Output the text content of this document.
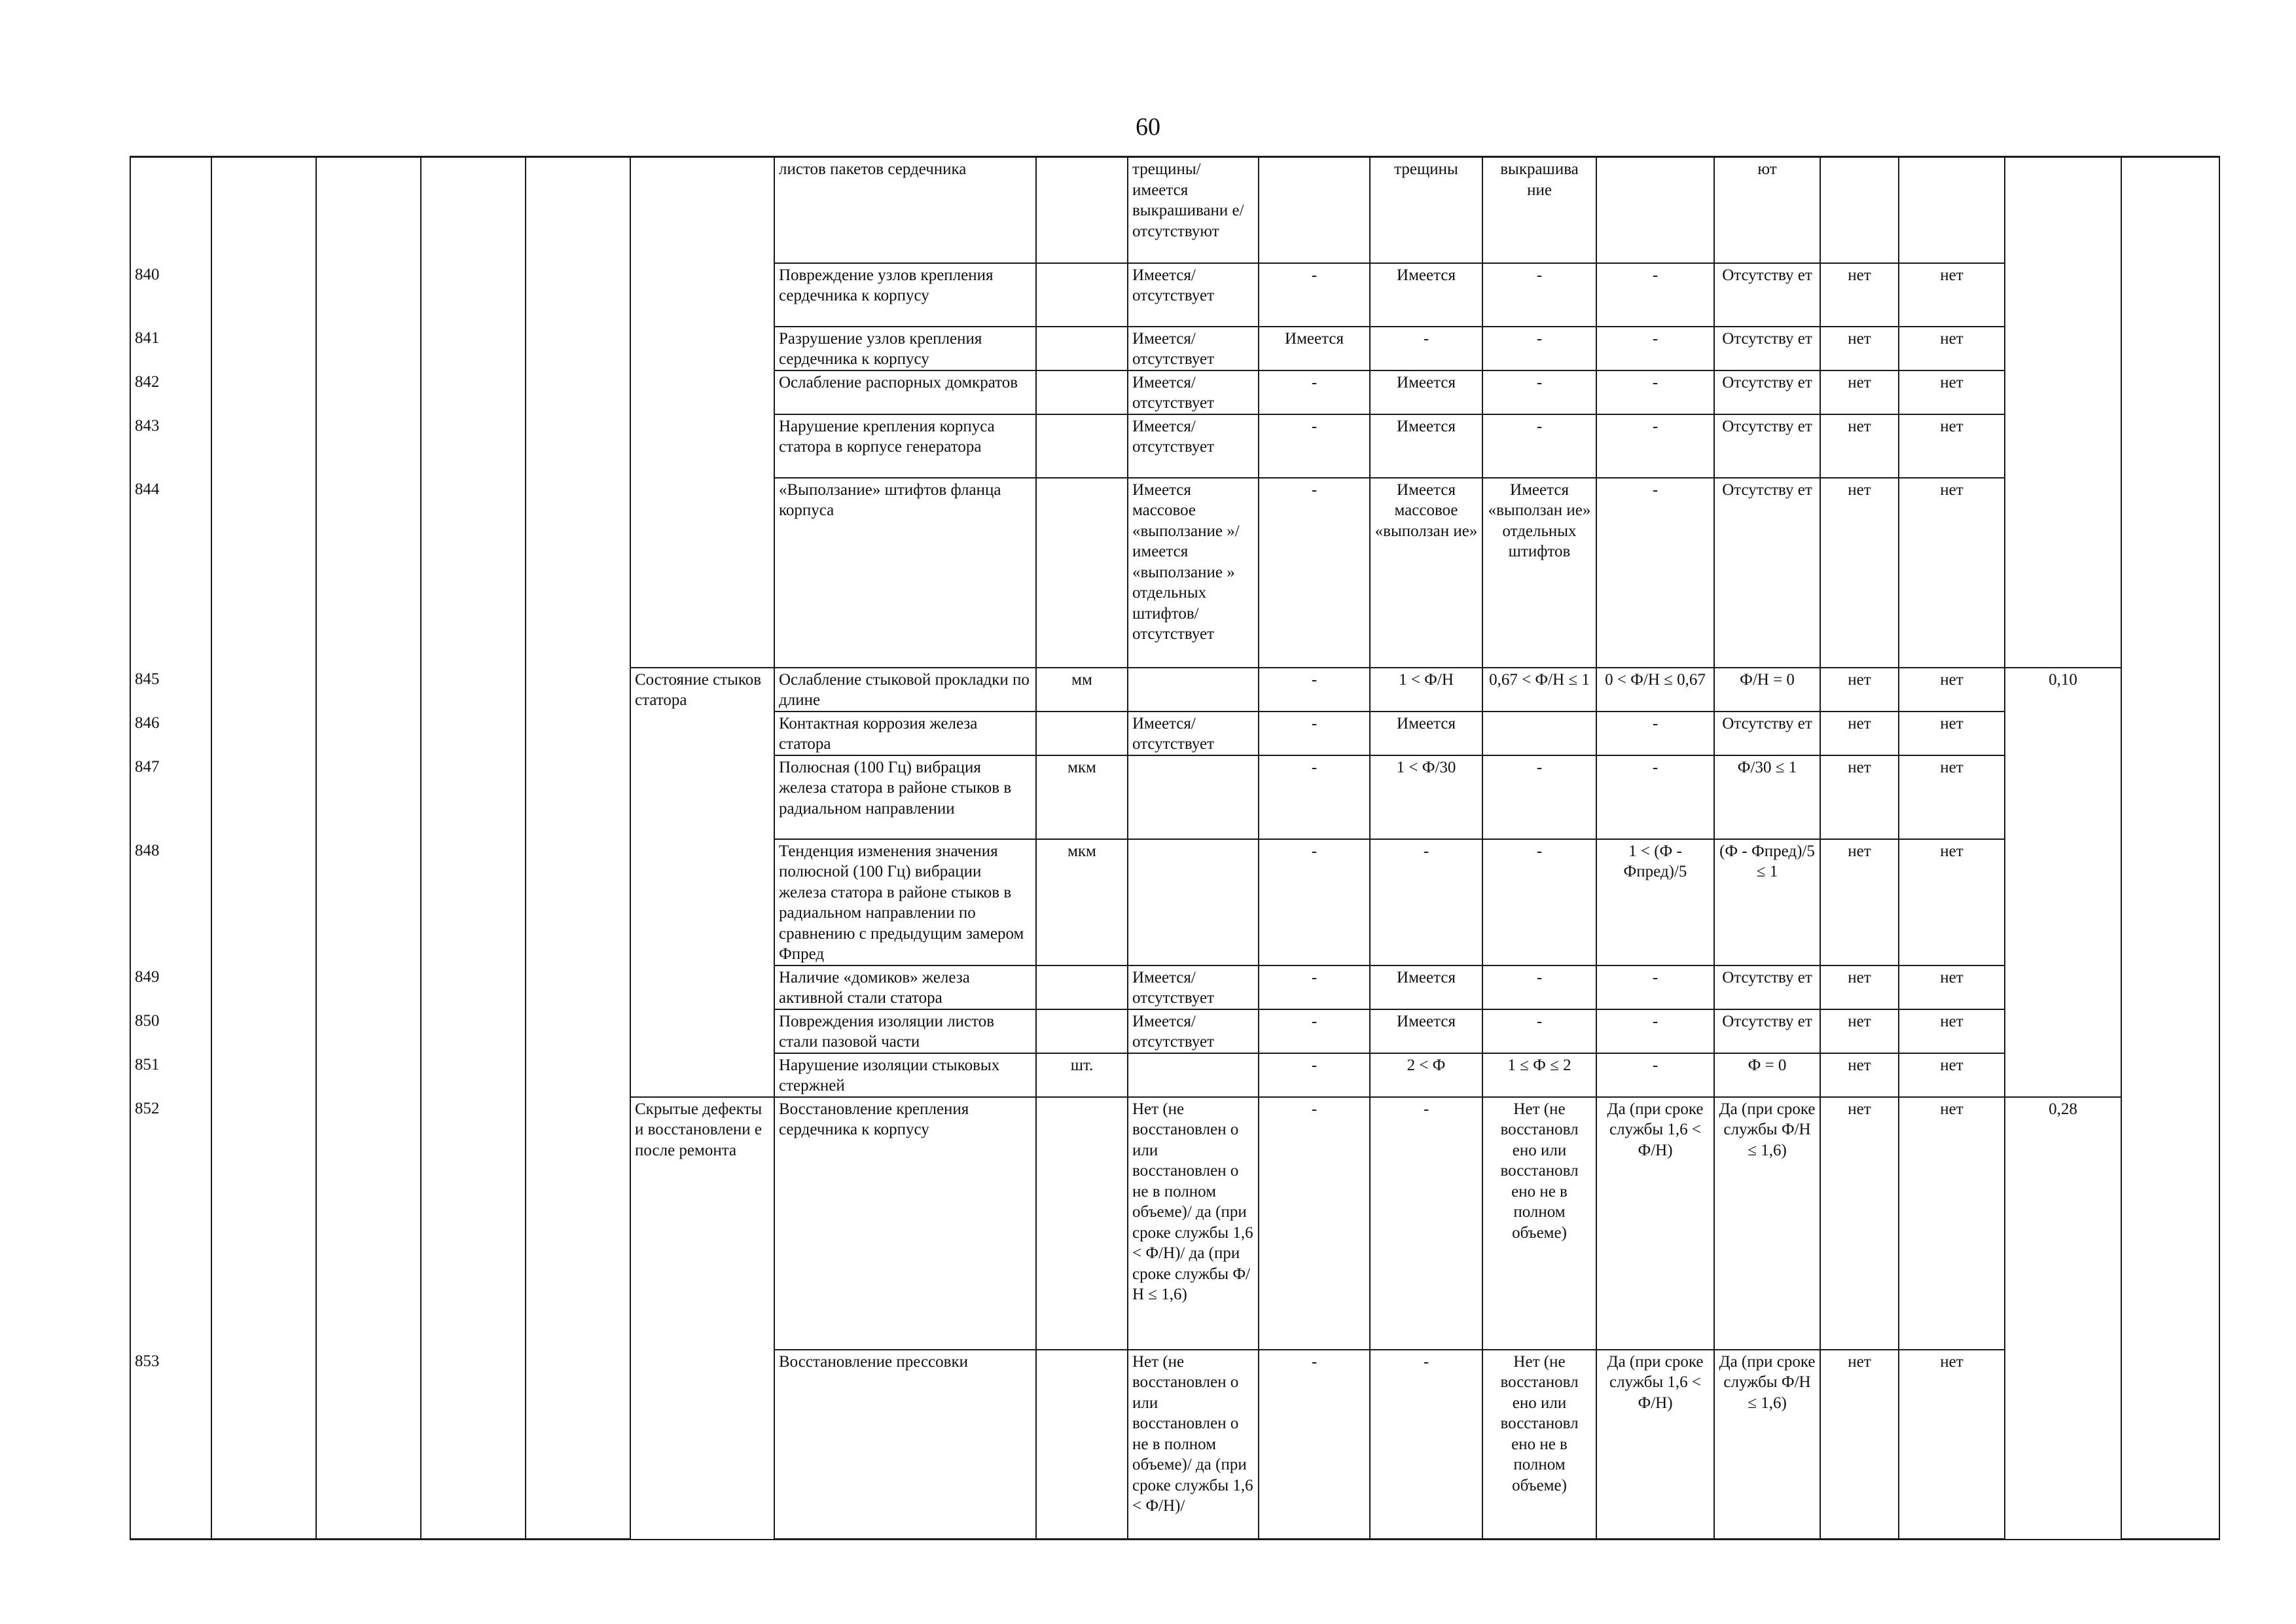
60
						листов пакетов сердечника		трещины/ имеется выкрашивани е/ отсутствуют		трещины	выкрашива ние		ют				
840						Повреждение узлов крепления сердечника к корпусу		Имеется/ отсутствует	-	Имеется	-	-	Отсутству ет	нет	нет		
841						Разрушение узлов крепления сердечника к корпусу		Имеется/ отсутствует	Имеется	-	-	-	Отсутству ет	нет	нет		
842						Ослабление распорных домкратов		Имеется/ отсутствует	-	Имеется	-	-	Отсутству ет	нет	нет		
843						Нарушение крепления корпуса статора в корпусе генератора		Имеется/ отсутствует	-	Имеется	-	-	Отсутству ет	нет	нет		
844						«Выползание» штифтов фланца корпуса		Имеется массовое «выползание »/ имеется «выползание » отдельных штифтов/ отсутствует	-	Имеется массовое «выползан ие»	Имеется «выползан ие» отдельных штифтов	-	Отсутству ет	нет	нет		
845					Состояние стыков статора	Ослабление стыковой прокладки по длине	мм		-	1 < Ф/Н	0,67 < Ф/Н ≤ 1	0 < Ф/Н ≤ 0,67	Ф/Н = 0	нет	нет	0,10	
846						Контактная коррозия железа статора		Имеется/ отсутствует	-	Имеется		-	Отсутству ет	нет	нет		
847						Полюсная (100 Гц) вибрация железа статора в районе стыков в радиальном направлении	мкм		-	1 < Ф/30	-	-	Ф/30 ≤ 1	нет	нет		
848						Тенденция изменения значения полюсной (100 Гц) вибрации железа статора в районе стыков в радиальном направлении по сравнению с предыдущим замером Фпред	мкм		-	-	-	1 < (Ф - Фпред)/5	(Ф - Фпред)/5 ≤ 1	нет	нет		
849						Наличие «домиков» железа активной стали статора		Имеется/ отсутствует	-	Имеется	-	-	Отсутству ет	нет	нет		
850						Повреждения изоляции листов стали пазовой части		Имеется/ отсутствует	-	Имеется	-	-	Отсутству ет	нет	нет		
851						Нарушение изоляции стыковых стержней	шт.		-	2 < Ф	1 ≤ Ф ≤ 2	-	Ф = 0	нет	нет		
852					Скрытые дефекты и восстановлени е после ремонта	Восстановление крепления сердечника к корпусу		Нет (не восстановлен о или восстановлен о не в полном объеме)/ да (при сроке службы 1,6 < Ф/Н)/ да (при сроке службы Ф/Н ≤ 1,6)	-	-	Нет (не восстановл ено или восстановл ено не в полном объеме)	Да (при сроке службы 1,6 < Ф/Н)	Да (при сроке службы Ф/Н ≤ 1,6)	нет	нет	0,28	
853						Восстановление прессовки		Нет (не восстановлен о или восстановлен о не в полном объеме)/ да (при сроке службы 1,6 < Ф/Н)/	-	-	Нет (не восстановл ено или восстановл ено не в полном объеме)	Да (при сроке службы 1,6 < Ф/Н)	Да (при сроке службы Ф/Н ≤ 1,6)	нет	нет		
